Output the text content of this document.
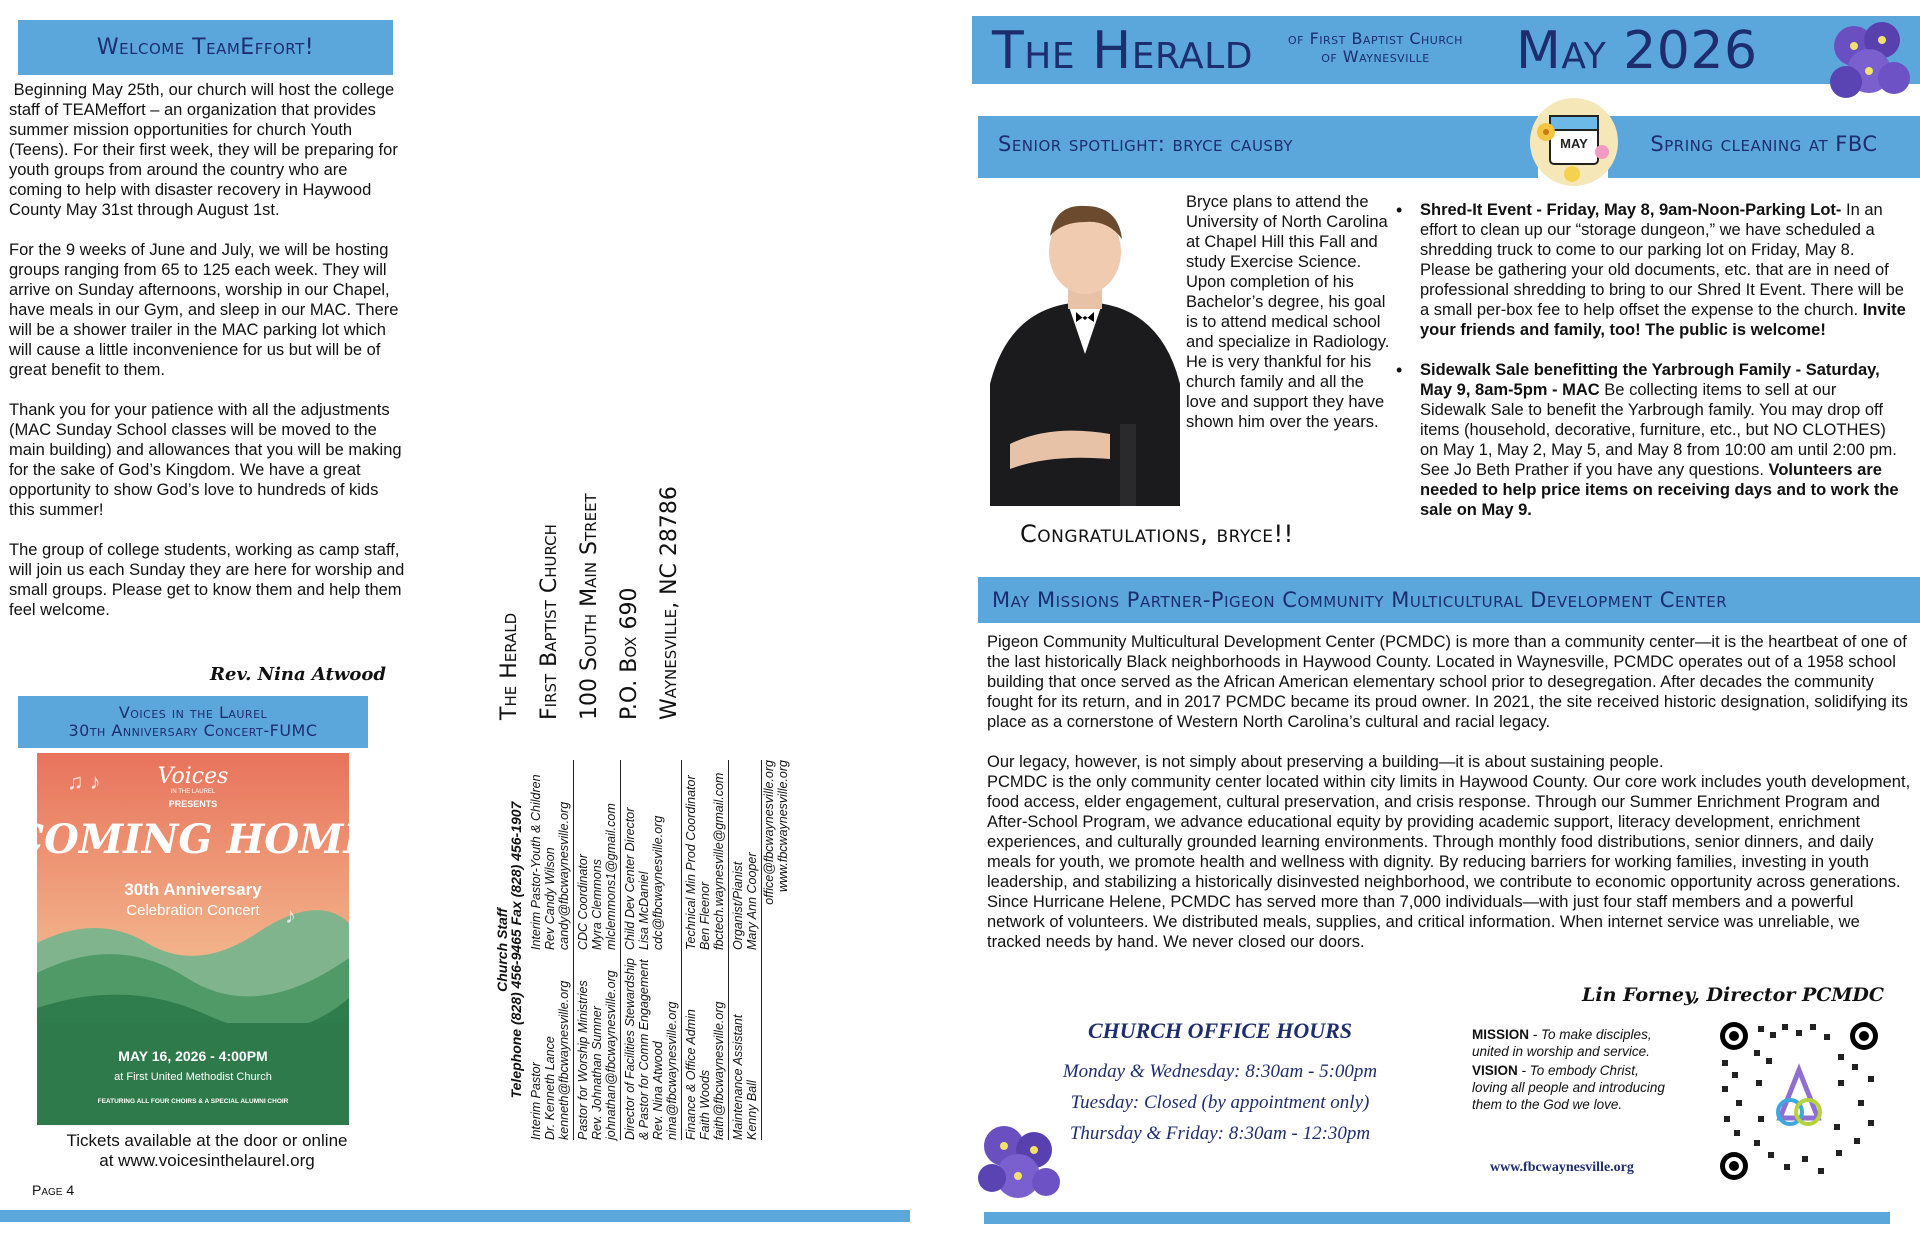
Welcome TeamEffort!

Beginning May 25th, our church will host the college staff of TEAMeffort – an organization that provides summer mission opportunities for church Youth (Teens). For their first week, they will be preparing for youth groups from around the country who are coming to help with disaster recovery in Haywood County May 31st through August 1st.

For the 9 weeks of June and July, we will be hosting groups ranging from 65 to 125 each week. They will arrive on Sunday afternoons, worship in our Chapel, have meals in our Gym, and sleep in our MAC. There will be a shower trailer in the MAC parking lot which will cause a little inconvenience for us but will be of great benefit to them.

Thank you for your patience with all the adjustments (MAC Sunday School classes will be moved to the main building) and allowances that you will be making for the sake of God’s Kingdom. We have a great opportunity to show God’s love to hundreds of kids this summer!

The group of college students, working as camp staff, will join us each Sunday they are here for worship and small groups. Please get to know them and help them feel welcome.

Rev. Nina Atwood
Voices in the Laurel
30th Anniversary Concert-FUMC
♫ ♪
♪
Voices
IN THE LAUREL
PRESENTS
COMING HOME
30th Anniversary
Celebration Concert
MAY 16, 2026 - 4:00PM
at First United Methodist Church
FEATURING ALL FOUR CHOIRS & A SPECIAL ALUMNI CHOIR
Tickets available at the door or online
at www.voicesinthelaurel.org
Page 4
The Herald First Baptist Church 100 South Main Street P.O. Box 690 Waynesville, NC 28786
Church Staff
Telephone (828) 456-9465 Fax (828) 456-1907
Interim Pastor Dr. Kenneth Lance kenneth@fbcwaynesville.org
Interim Pastor-Youth & Children Rev Candy Wilson candy@fbcwaynesville.org
Pastor for Worship Ministries Rev. Johnathan Sumner johnathan@fbcwaynesville.org
CDC Coordinator Myra Clemmons mlclemmons1@gmail.com
Director of Facilities Stewardship & Pastor for Comm Engagement Rev. Nina Atwood nina@fbcwaynesville.org
Child Dev Center Director Lisa McDaniel cdc@fbcwaynesville.org
Finance & Office Admin Faith Woods faith@fbcwaynesville.org
Technical Min Prod Coordinator Ben Fleenor fbctech.waynesville@gmail.com
Maintenance Assistant Kenny Ball
Organist/Pianist Mary Ann Cooper office@fbcwaynesville.org www.fbcwaynesville.org
The Herald of First Baptist Church
of Waynesville	May 2026
Senior spotlight: bryce causby	Spring cleaning at FBC
MAY
Bryce plans to attend the University of North Carolina at Chapel Hill this Fall and study Exercise Science. Upon completion of his Bachelor’s degree, his goal is to attend medical school and specialize in Radiology. He is very thankful for his church family and all the love and support they have shown him over the years.
Congratulations, bryce!!
• Shred-It Event - Friday, May 8, 9am-Noon-Parking Lot- In an effort to clean up our “storage dungeon,” we have scheduled a shredding truck to come to our parking lot on Friday, May 8. Please be gathering your old documents, etc. that are in need of professional shredding to bring to our Shred It Event. There will be a small per-box fee to help offset the expense to the church. Invite your friends and family, too! The public is welcome!
• Sidewalk Sale benefitting the Yarbrough Family - Saturday, May 9, 8am-5pm - MAC Be collecting items to sell at our Sidewalk Sale to benefit the Yarbrough family. You may drop off items (household, decorative, furniture, etc., but NO CLOTHES) on May 1, May 2, May 5, and May 8 from 10:00 am until 2:00 pm. See Jo Beth Prather if you have any questions. Volunteers are needed to help price items on receiving days and to work the sale on May 9.
May Missions Partner-Pigeon Community Multicultural Development Center

Pigeon Community Multicultural Development Center (PCMDC) is more than a community center—it is the heartbeat of one of the last historically Black neighborhoods in Haywood County. Located in Waynesville, PCMDC operates out of a 1958 school building that once served as the African American elementary school prior to desegregation. After decades the community fought for its return, and in 2017 PCMDC became its proud owner. In 2021, the site received historic designation, solidifying its place as a cornerstone of Western North Carolina’s cultural and racial legacy.

Our legacy, however, is not simply about preserving a building—it is about sustaining people.
PCMDC is the only community center located within city limits in Haywood County. Our core work includes youth development, food access, elder engagement, cultural preservation, and crisis response. Through our Summer Enrichment Program and After-School Program, we advance educational equity by providing academic support, literacy development, enrichment experiences, and culturally grounded learning environments. Through monthly food distributions, senior dinners, and daily meals for youth, we promote health and wellness with dignity. By reducing barriers for working families, investing in youth leadership, and stabilizing a historically disinvested neighborhood, we contribute to economic opportunity across generations. Since Hurricane Helene, PCMDC has served more than 7,000 individuals—with just four staff members and a powerful network of volunteers. We distributed meals, supplies, and critical information. When internet service was unreliable, we tracked needs by hand. We never closed our doors.

Lin Forney, Director PCMDC
CHURCH OFFICE HOURS
Monday & Wednesday: 8:30am - 5:00pm
Tuesday: Closed (by appointment only)
Thursday & Friday: 8:30am - 12:30pm
MISSION - To make disciples, united in worship and service.
VISION - To embody Christ, loving all people and introducing them to the God we love.
www.fbcwaynesville.org
